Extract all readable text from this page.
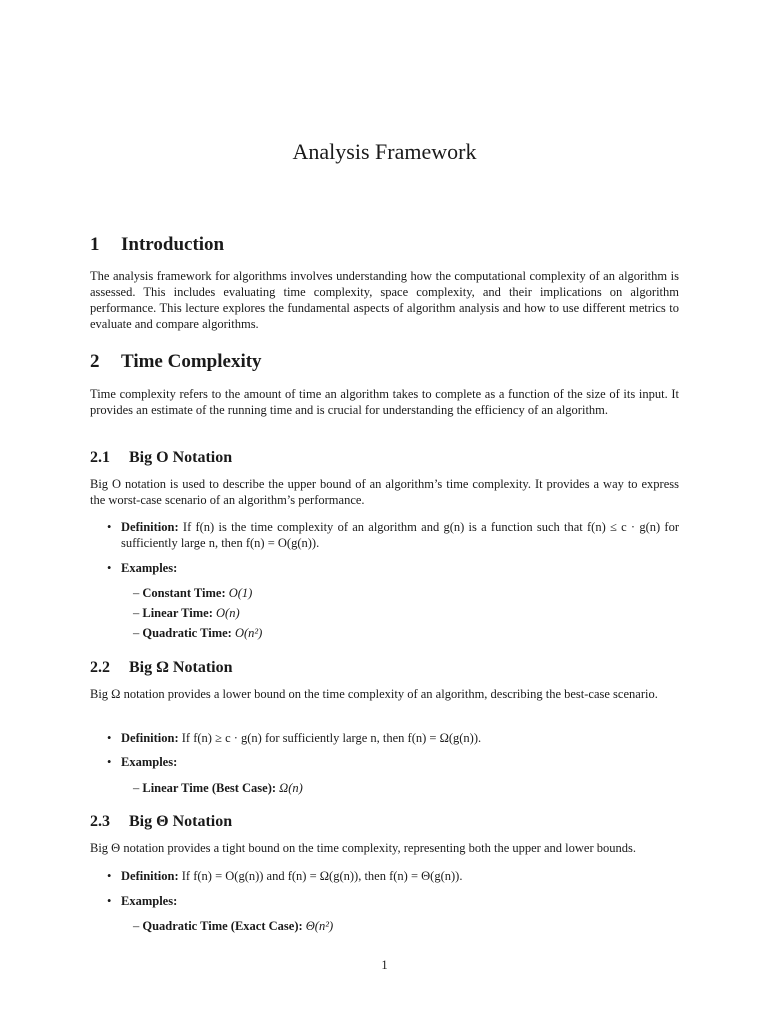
Analysis Framework
1 Introduction

The analysis framework for algorithms involves understanding how the computational complexity of an algorithm is assessed. This includes evaluating time complexity, space complexity, and their implications on algorithm performance. This lecture explores the fundamental aspects of algorithm analysis and how to use different metrics to evaluate and compare algorithms.

2 Time Complexity

Time complexity refers to the amount of time an algorithm takes to complete as a function of the size of its input. It provides an estimate of the running time and is crucial for understanding the efficiency of an algorithm.

2.1 Big O Notation

Big O notation is used to describe the upper bound of an algorithm’s time complexity. It provides a way to express the worst-case scenario of an algorithm’s performance.

• Definition: If f(n) is the time complexity of an algorithm and g(n) is a function such that f(n) ≤ c · g(n) for sufficiently large n, then f(n) = O(g(n)).
• Examples:
– Constant Time: O(1)
– Linear Time: O(n)
– Quadratic Time: O(n²)
2.2 Big Ω Notation

Big Ω notation provides a lower bound on the time complexity of an algorithm, describing the best-case scenario.

• Definition: If f(n) ≥ c · g(n) for sufficiently large n, then f(n) = Ω(g(n)).
• Examples:
– Linear Time (Best Case): Ω(n)
2.3 Big Θ Notation

Big Θ notation provides a tight bound on the time complexity, representing both the upper and lower bounds.

• Definition: If f(n) = O(g(n)) and f(n) = Ω(g(n)), then f(n) = Θ(g(n)).
• Examples:
– Quadratic Time (Exact Case): Θ(n²)
1
